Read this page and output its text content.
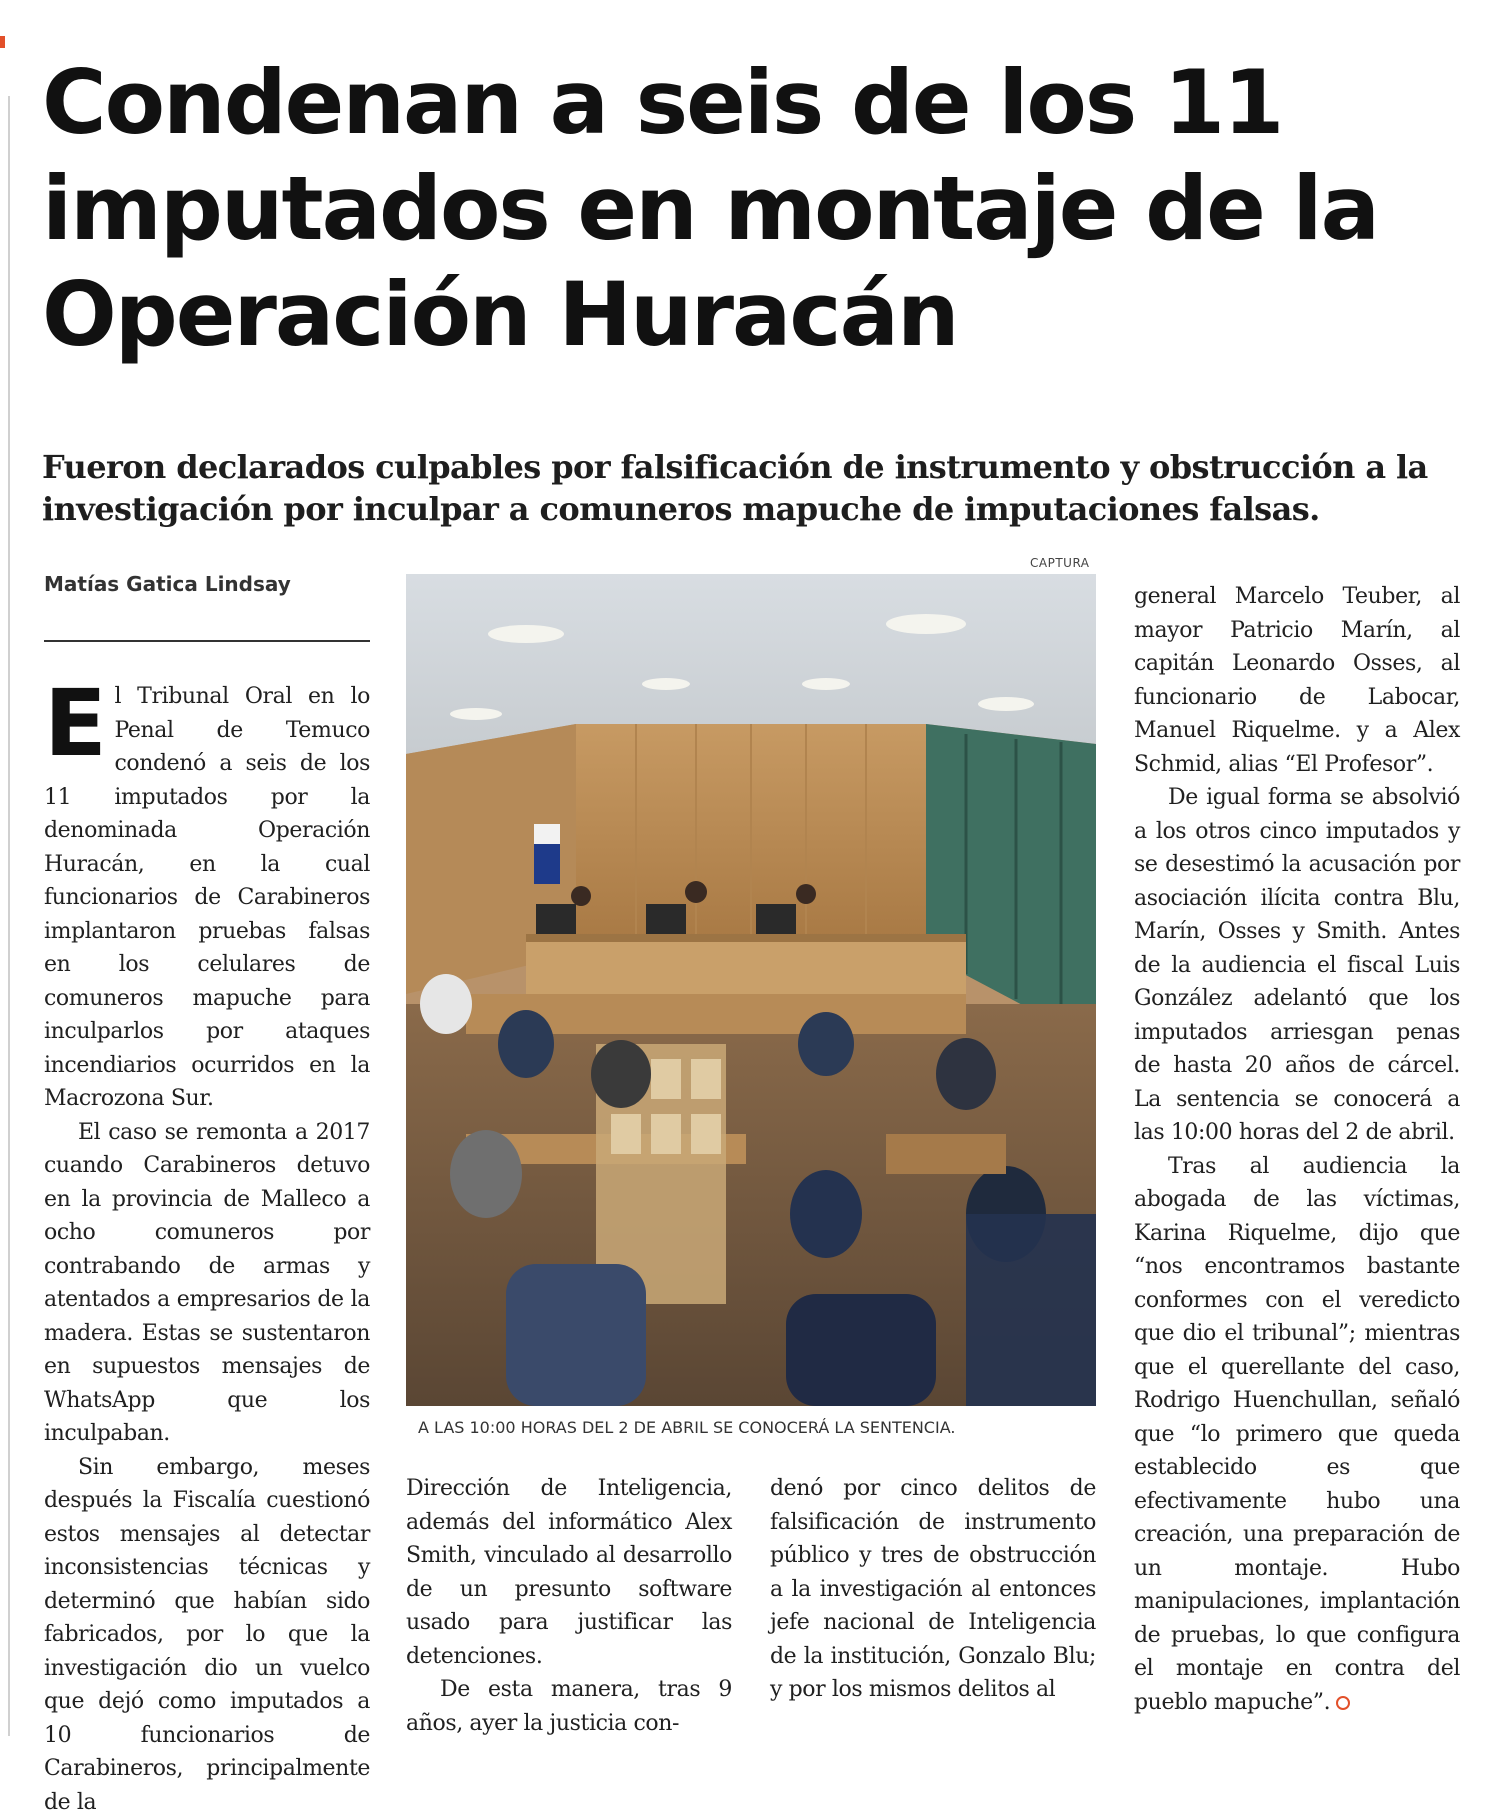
Condenan a seis de los 11 imputados en montaje de la Operación Huracán
Fueron declarados culpables por falsificación de instrumento y obstrucción a la investigación por inculpar a comuneros mapuche de imputaciones falsas.
Matías Gatica Lindsay

El Tribunal Oral en lo Penal de Temuco condenó a seis de los 11 imputados por la denominada Operación Huracán, en la cual funcionarios de Carabineros implantaron pruebas falsas en los celulares de comuneros mapuche para inculparlos por ataques incendiarios ocurridos en la Macrozona Sur.

El caso se remonta a 2017 cuando Carabineros detuvo en la provincia de Malleco a ocho comuneros por contrabando de armas y atentados a empresarios de la madera. Estas se sustentaron en supuestos mensajes de WhatsApp que los inculpaban.

Sin embargo, meses después la Fiscalía cuestionó estos mensajes al detectar inconsistencias técnicas y determinó que habían sido fabricados, por lo que la investigación dio un vuelco que dejó como imputados a 10 funcionarios de Carabineros, principalmente de la

CAPTURA
A LAS 10:00 HORAS DEL 2 DE ABRIL SE CONOCERÁ LA SENTENCIA.

Dirección de Inteligencia, además del informático Alex Smith, vinculado al desarrollo de un presunto software usado para justificar las detenciones.

De esta manera, tras 9 años, ayer la justicia con-

denó por cinco delitos de falsificación de instrumento público y tres de obstrucción a la investigación al entonces jefe nacional de Inteligencia de la institución, Gonzalo Blu; y por los mismos delitos al

general Marcelo Teuber, al mayor Patricio Marín, al capitán Leonardo Osses, al funcionario de Labocar, Manuel Riquelme. y a Alex Schmid, alias “El Profesor”.

De igual forma se absolvió a los otros cinco imputados y se desestimó la acusación por asociación ilícita contra Blu, Marín, Osses y Smith. Antes de la audiencia el fiscal Luis González adelantó que los imputados arriesgan penas de hasta 20 años de cárcel. La sentencia se conocerá a las 10:00 horas del 2 de abril.

Tras al audiencia la abogada de las víctimas, Karina Riquelme, dijo que “nos encontramos bastante conformes con el veredicto que dio el tribunal”; mientras que el querellante del caso, Rodrigo Huenchullan, señaló que “lo primero que queda establecido es que efectivamente hubo una creación, una preparación de un montaje. Hubo manipulaciones, implantación de pruebas, lo que configura el montaje en contra del pueblo mapuche”.
